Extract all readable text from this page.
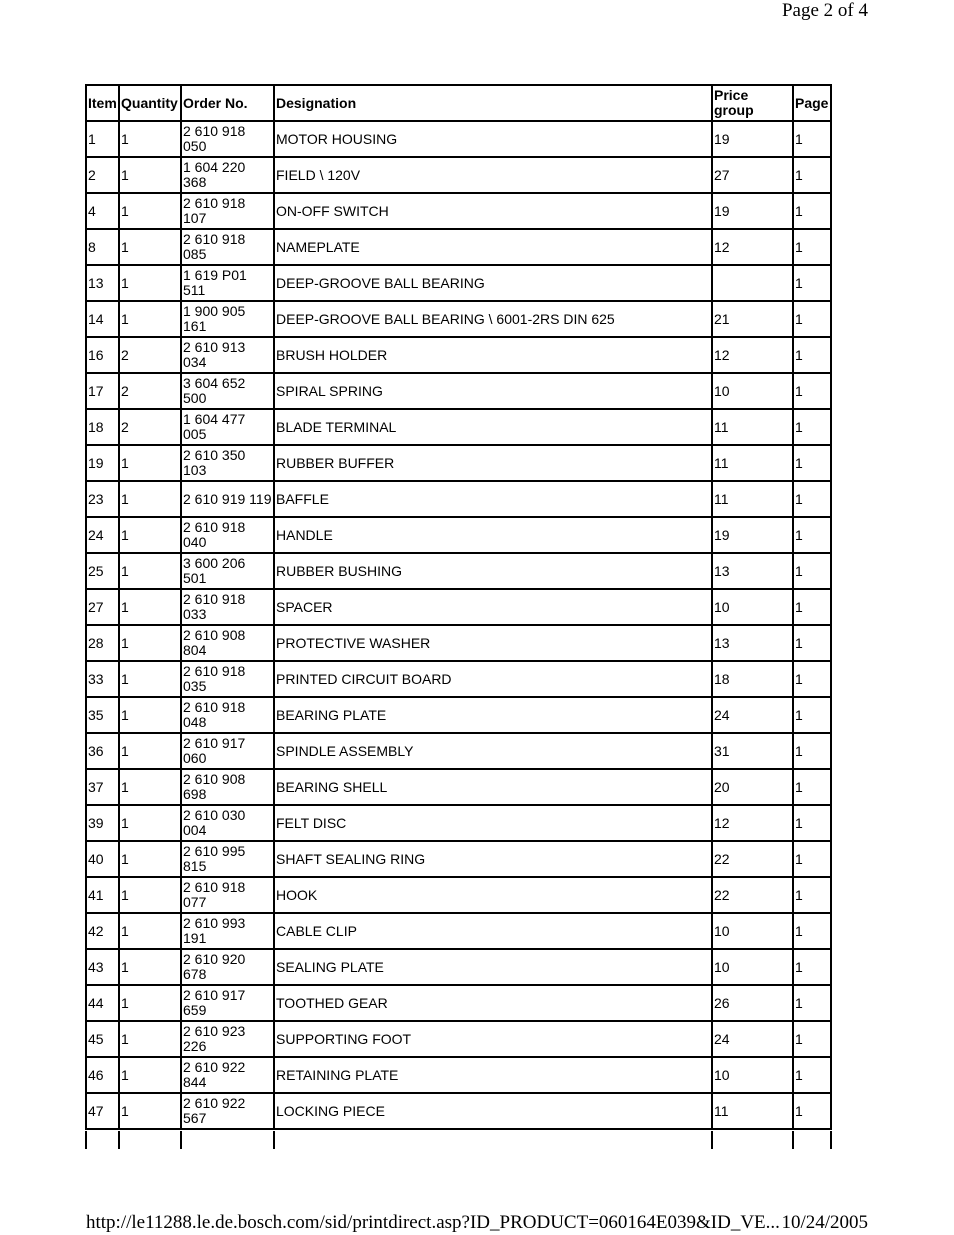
Page 2 of 4
Item	Quantity	Order No.	Designation	Price group	Page
1	1	2 610 918 050	MOTOR HOUSING	19	1
2	1	1 604 220 368	FIELD \ 120V	27	1
4	1	2 610 918 107	ON-OFF SWITCH	19	1
8	1	2 610 918 085	NAMEPLATE	12	1
13	1	1 619 P01 511	DEEP-GROOVE BALL BEARING		1
14	1	1 900 905 161	DEEP-GROOVE BALL BEARING \ 6001-2RS DIN 625	21	1
16	2	2 610 913 034	BRUSH HOLDER	12	1
17	2	3 604 652 500	SPIRAL SPRING	10	1
18	2	1 604 477 005	BLADE TERMINAL	11	1
19	1	2 610 350 103	RUBBER BUFFER	11	1
23	1	2 610 919 119	BAFFLE	11	1
24	1	2 610 918 040	HANDLE	19	1
25	1	3 600 206 501	RUBBER BUSHING	13	1
27	1	2 610 918 033	SPACER	10	1
28	1	2 610 908 804	PROTECTIVE WASHER	13	1
33	1	2 610 918 035	PRINTED CIRCUIT BOARD	18	1
35	1	2 610 918 048	BEARING PLATE	24	1
36	1	2 610 917 060	SPINDLE ASSEMBLY	31	1
37	1	2 610 908 698	BEARING SHELL	20	1
39	1	2 610 030 004	FELT DISC	12	1
40	1	2 610 995 815	SHAFT SEALING RING	22	1
41	1	2 610 918 077	HOOK	22	1
42	1	2 610 993 191	CABLE CLIP	10	1
43	1	2 610 920 678	SEALING PLATE	10	1
44	1	2 610 917 659	TOOTHED GEAR	26	1
45	1	2 610 923 226	SUPPORTING FOOT	24	1
46	1	2 610 922 844	RETAINING PLATE	10	1
47	1	2 610 922 567	LOCKING PIECE	11	1
http://le11288.le.de.bosch.com/sid/printdirect.asp?ID_PRODUCT=060164E039&ID_VE... 10/24/2005
